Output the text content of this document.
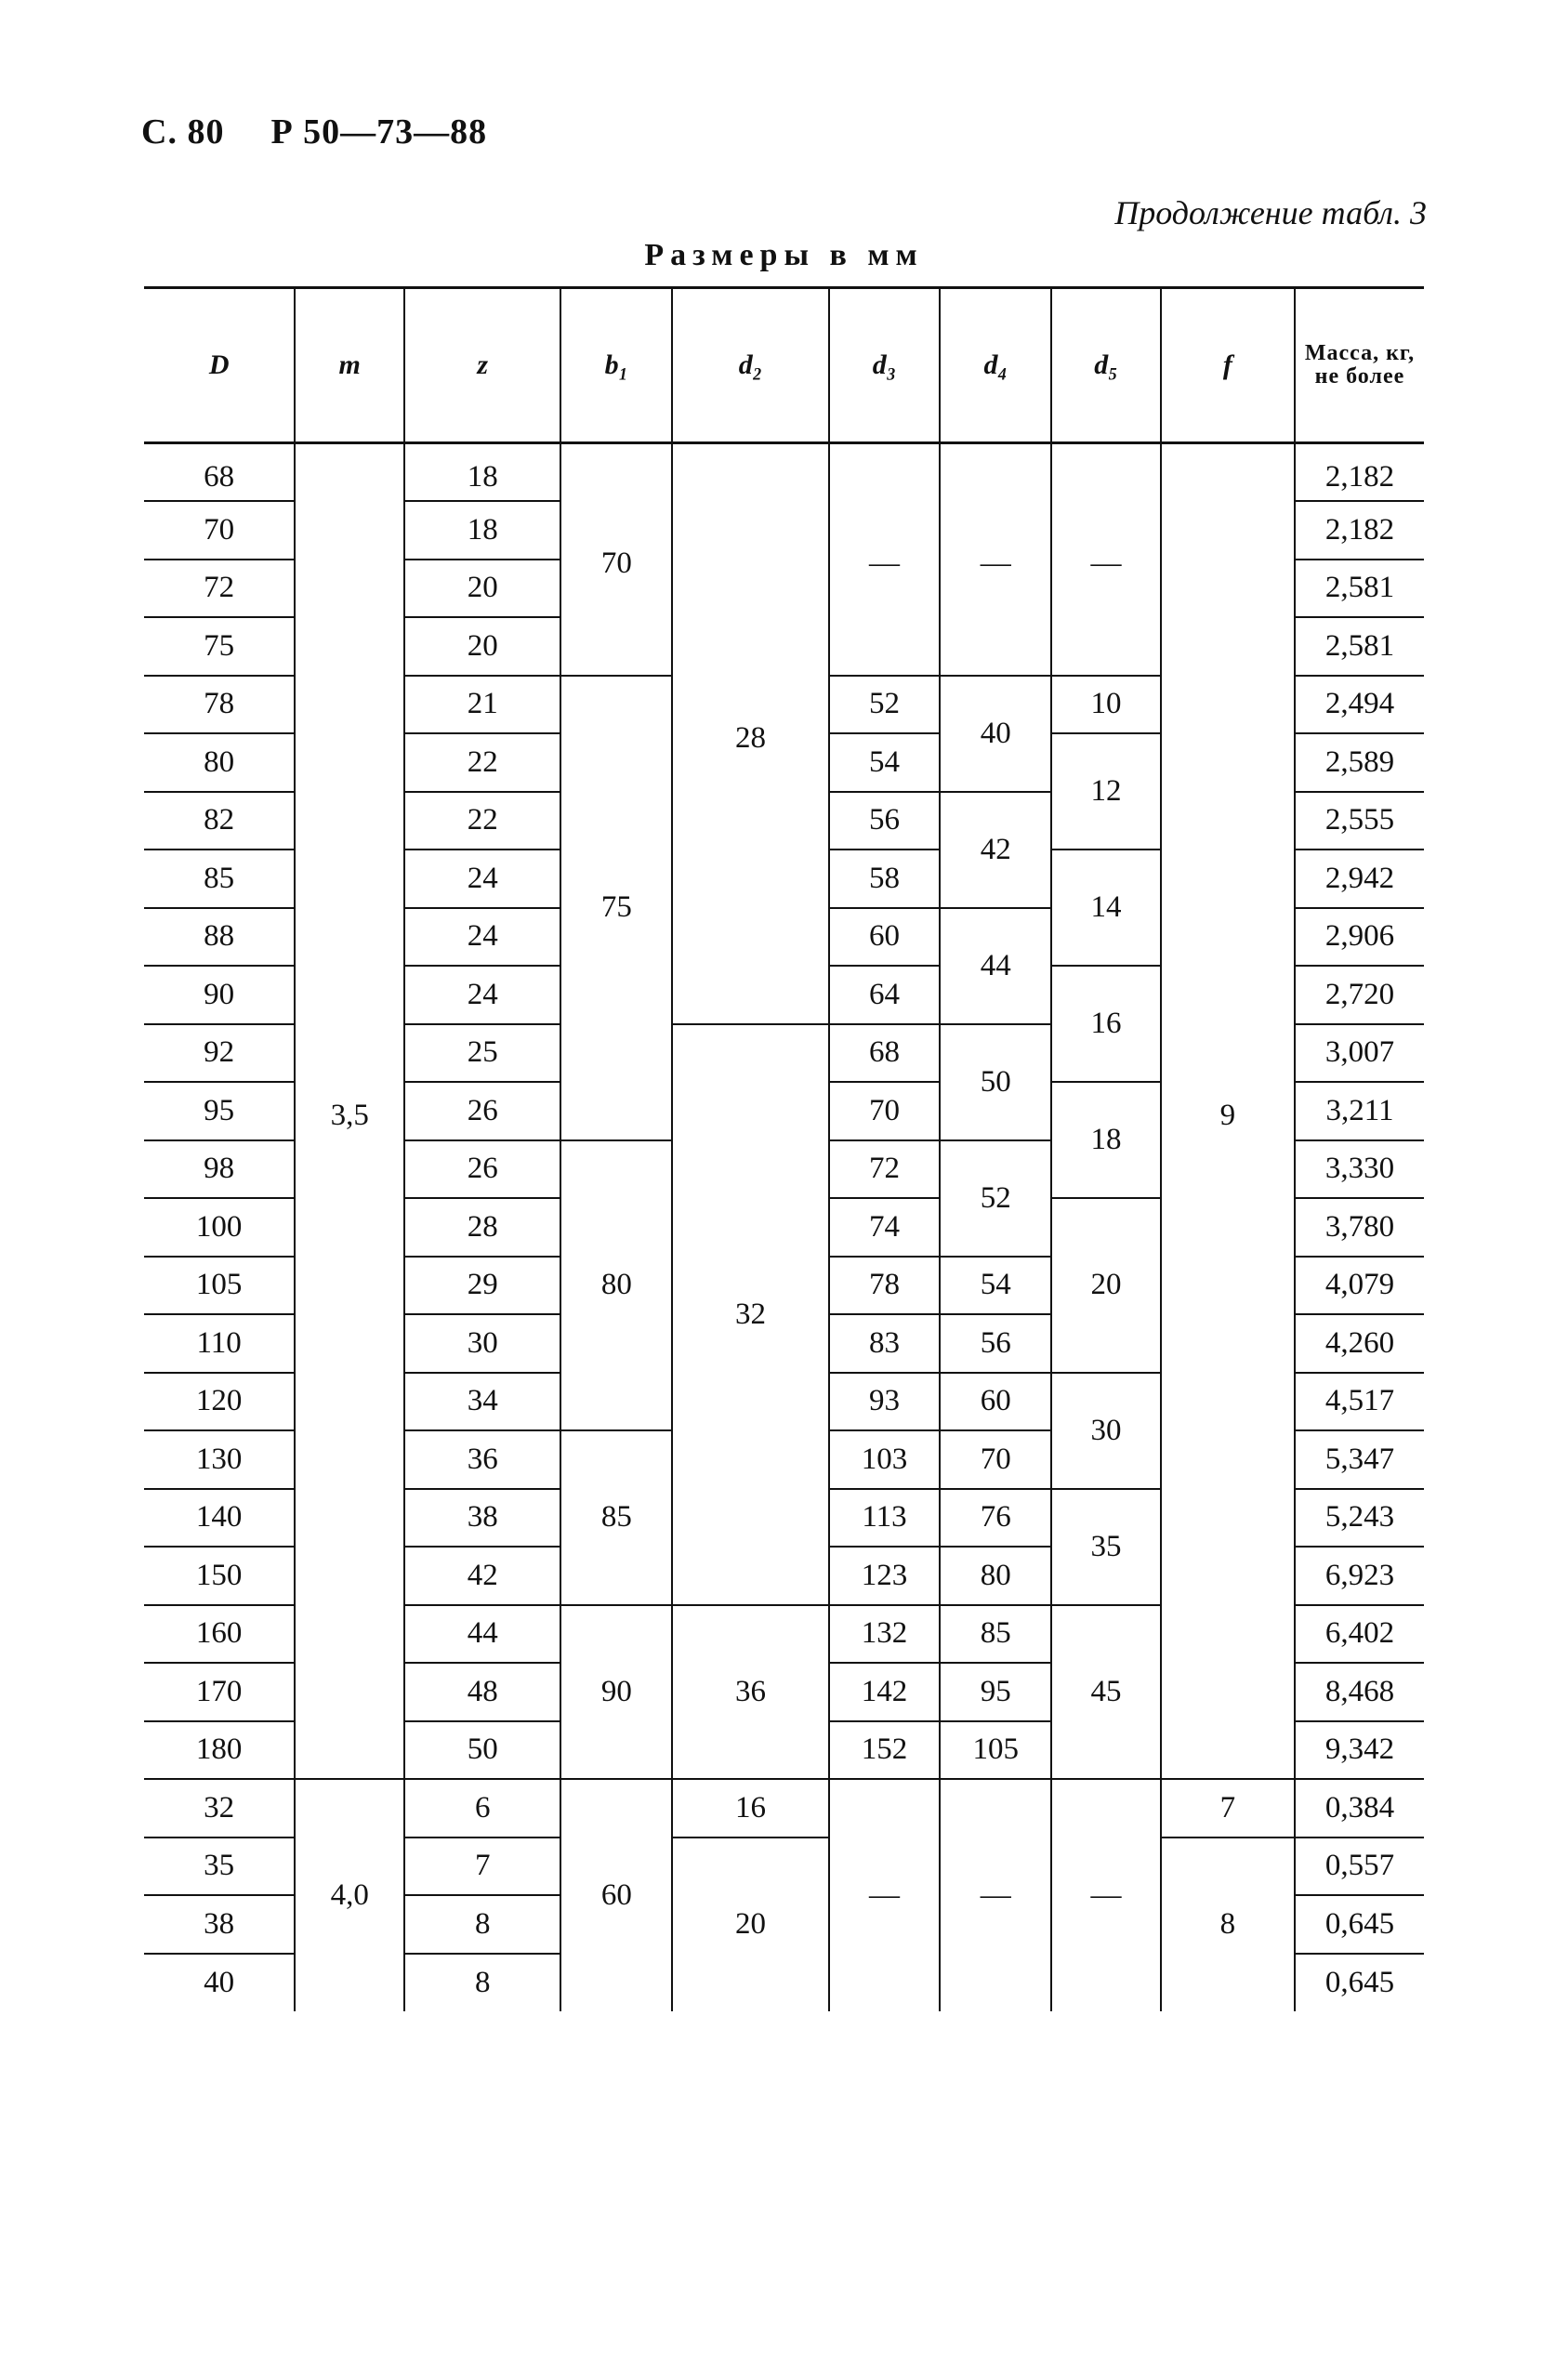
С. 80 Р 50—73—88
Продолжение табл. 3
Размеры в мм
D	m	z	b₁	d₂	d₃	d₄	d₅	f	Масса, кг, не более
68	3,5	18	70	28	—	—	—	9	2,182
70		18							2,182
72		20							2,581
75		20							2,581
78		21	75		52	40	10		2,494
80		22			54		12		2,589
82		22			56	42			2,555
85		24			58		14		2,942
88		24			60	44			2,906
90		24			64		16		2,720
92		25		32	68	50			3,007
95		26			70		18		3,211
98		26	80		72	52			3,330
100		28			74		20		3,780
105		29			78	54			4,079
110		30			83	56			4,260
120		34			93	60	30		4,517
130		36	85		103	70			5,347
140		38			113	76	35		5,243
150		42			123	80			6,923
160		44	90	36	132	85	45		6,402
170		48			142	95			8,468
180		50			152	105			9,342
32	4,0	6	60	16	—	—	—	7	0,384
35		7		20				8	0,557
38		8							0,645
40		8							0,645
